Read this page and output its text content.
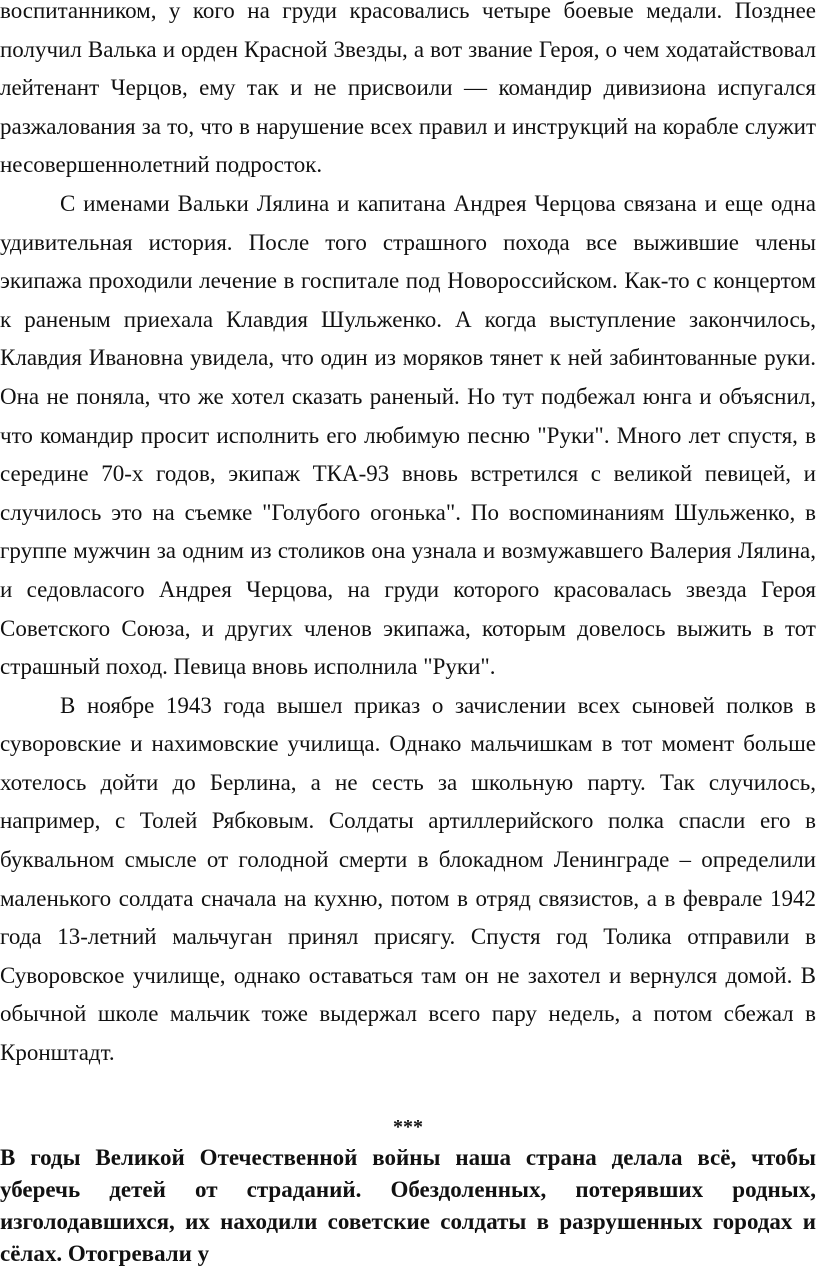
воспитанником, у кого на груди красовались четыре боевые медали. Позднее получил Валька и орден Красной Звезды, а вот звание Героя, о чем ходатайствовал лейтенант Черцов, ему так и не присвоили — командир дивизиона испугался разжалования за то, что в нарушение всех правил и инструкций на корабле служит несовершеннолетний подросток.

С именами Вальки Лялина и капитана Андрея Черцова связана и еще одна удивительная история. После того страшного похода все выжившие члены экипажа проходили лечение в госпитале под Новороссийском. Как-то с концертом к раненым приехала Клавдия Шульженко. А когда выступление закончилось, Клавдия Ивановна увидела, что один из моряков тянет к ней забинтованные руки. Она не поняла, что же хотел сказать раненый. Но тут подбежал юнга и объяснил, что командир просит исполнить его любимую песню "Руки". Много лет спустя, в середине 70-х годов, экипаж ТКА-93 вновь встретился с великой певицей, и случилось это на съемке "Голубого огонька". По воспоминаниям Шульженко, в группе мужчин за одним из столиков она узнала и возмужавшего Валерия Лялина, и седовласого Андрея Черцова, на груди которого красовалась звезда Героя Советского Союза, и других членов экипажа, которым довелось выжить в тот страшный поход. Певица вновь исполнила "Руки".

В ноябре 1943 года вышел приказ о зачислении всех сыновей полков в суворовские и нахимовские училища. Однако мальчишкам в тот момент больше хотелось дойти до Берлина, а не сесть за школьную парту. Так случилось, например, с Толей Рябковым. Солдаты артиллерийского полка спасли его в буквальном смысле от голодной смерти в блокадном Ленинграде – определили маленького солдата сначала на кухню, потом в отряд связистов, а в феврале 1942 года 13-летний мальчуган принял присягу. Спустя год Толика отправили в Суворовское училище, однако оставаться там он не захотел и вернулся домой. В обычной школе мальчик тоже выдержал всего пару недель, а потом сбежал в Кронштадт.

***

В годы Великой Отечественной войны наша страна делала всё, чтобы уберечь детей от страданий. Обездоленных, потерявших родных, изголодавшихся, их находили советские солдаты в разрушенных городах и сёлах. Отогревали у
